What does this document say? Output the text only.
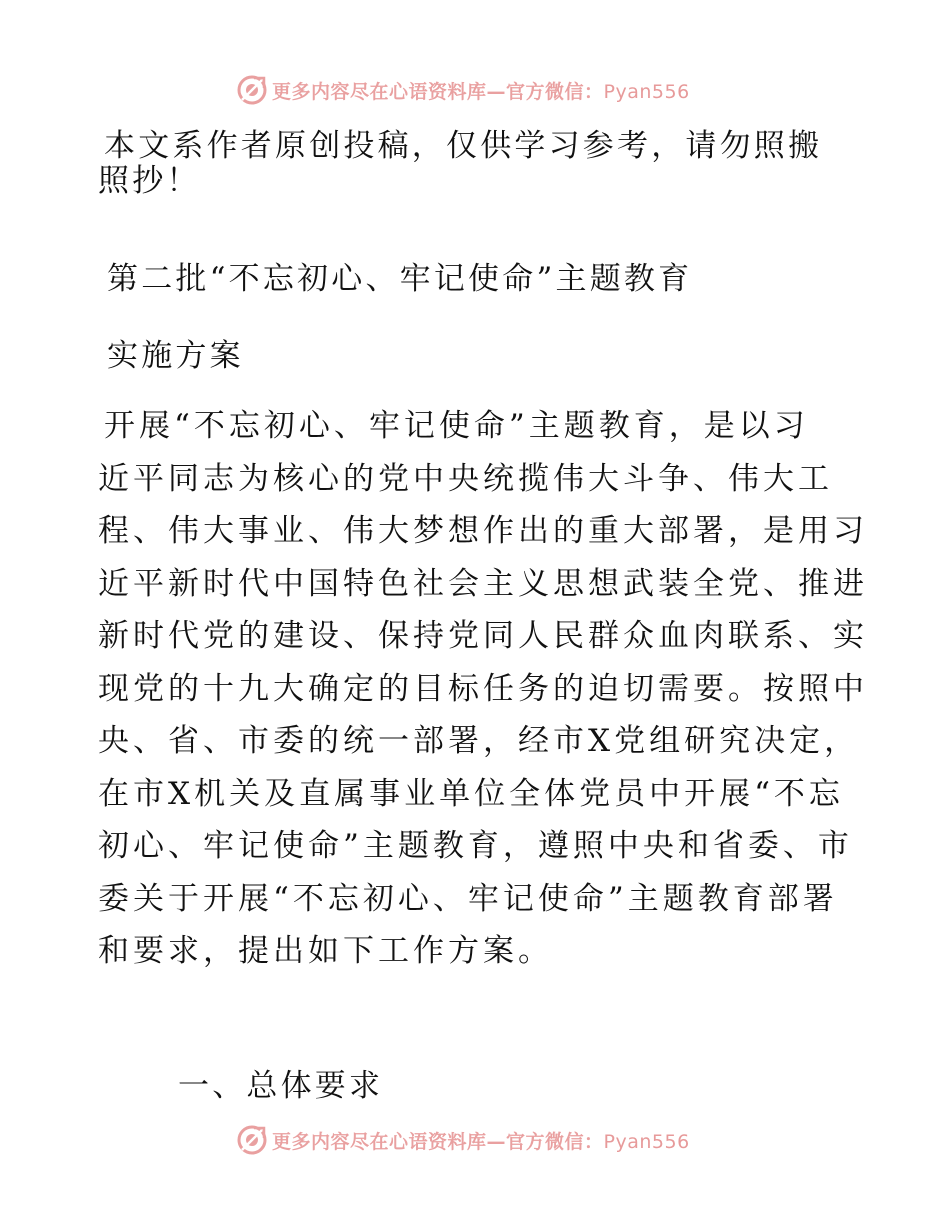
更多内容尽在心语资料库—官方微信：Pyan556
本文系作者原创投稿，仅供学习参考，请勿照搬
照抄！
第二批“不忘初心、牢记使命”主题教育
实施方案
开展“不忘初心、牢记使命”主题教育，是以习
近平同志为核心的党中央统揽伟大斗争、伟大工
程、伟大事业、伟大梦想作出的重大部署，是用习
近平新时代中国特色社会主义思想武装全党、推进
新时代党的建设、保持党同人民群众血肉联系、实
现党的十九大确定的目标任务的迫切需要。按照中
央、省、市委的统一部署，经市X党组研究决定，
在市X机关及直属事业单位全体党员中开展“不忘
初心、牢记使命”主题教育，遵照中央和省委、市
委关于开展“不忘初心、牢记使命”主题教育部署
和要求，提出如下工作方案。
一、总体要求
更多内容尽在心语资料库—官方微信：Pyan556
